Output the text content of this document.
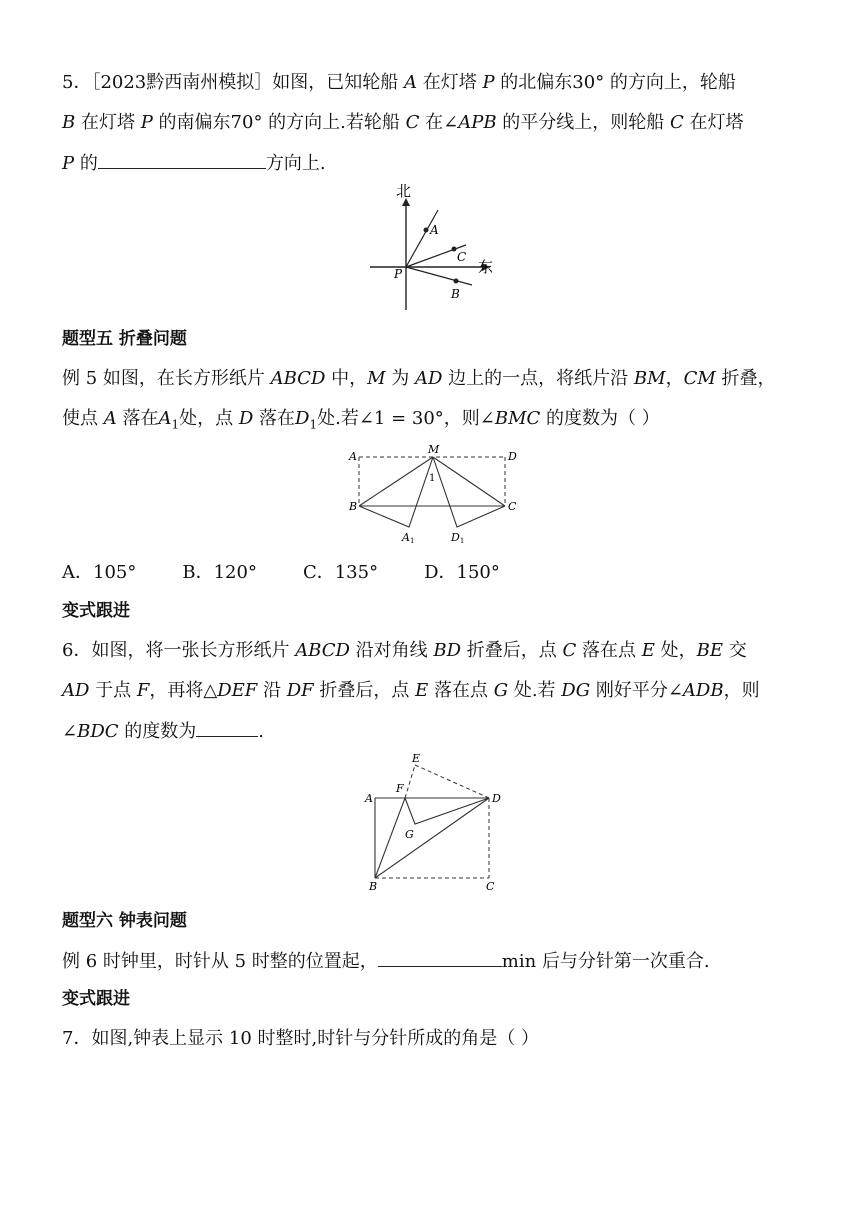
5．［2023黔西南州模拟］如图，已知轮船 A 在灯塔 P 的北偏东30° 的方向上，轮船
B 在灯塔 P 的南偏东70° 的方向上.若轮船 C 在∠APB 的平分线上，则轮船 C 在灯塔
P 的	方向上.
北
东
A
B
C
P
题型五 折叠问题
例 5 如图，在长方形纸片 ABCD 中，M 为 AD 边上的一点，将纸片沿 BM，CM 折叠，
使点 A 落在$A_1$处，点 D 落在$D_1$处.若∠1 = 30°，则∠BMC 的度数为（ ）
A
M
D
B	C
1
A1	D1
A．105°	B．120°	C．135°	D．150°
变式跟进
6．如图，将一张长方形纸片 ABCD 沿对角线 BD 折叠后，点 C 落在点 E 处，BE 交
AD 于点 F，再将△DEF 沿 DF 折叠后，点 E 落在点 G 处.若 DG 刚好平分∠ADB，则
∠BDC 的度数为	.
A
F
E
D
G
B	C
题型六 钟表问题
例 6 时钟里，时针从 5 时整的位置起，	min 后与分针第一次重合.
变式跟进
7．如图,钟表上显示 10 时整时,时针与分针所成的角是（ ）
